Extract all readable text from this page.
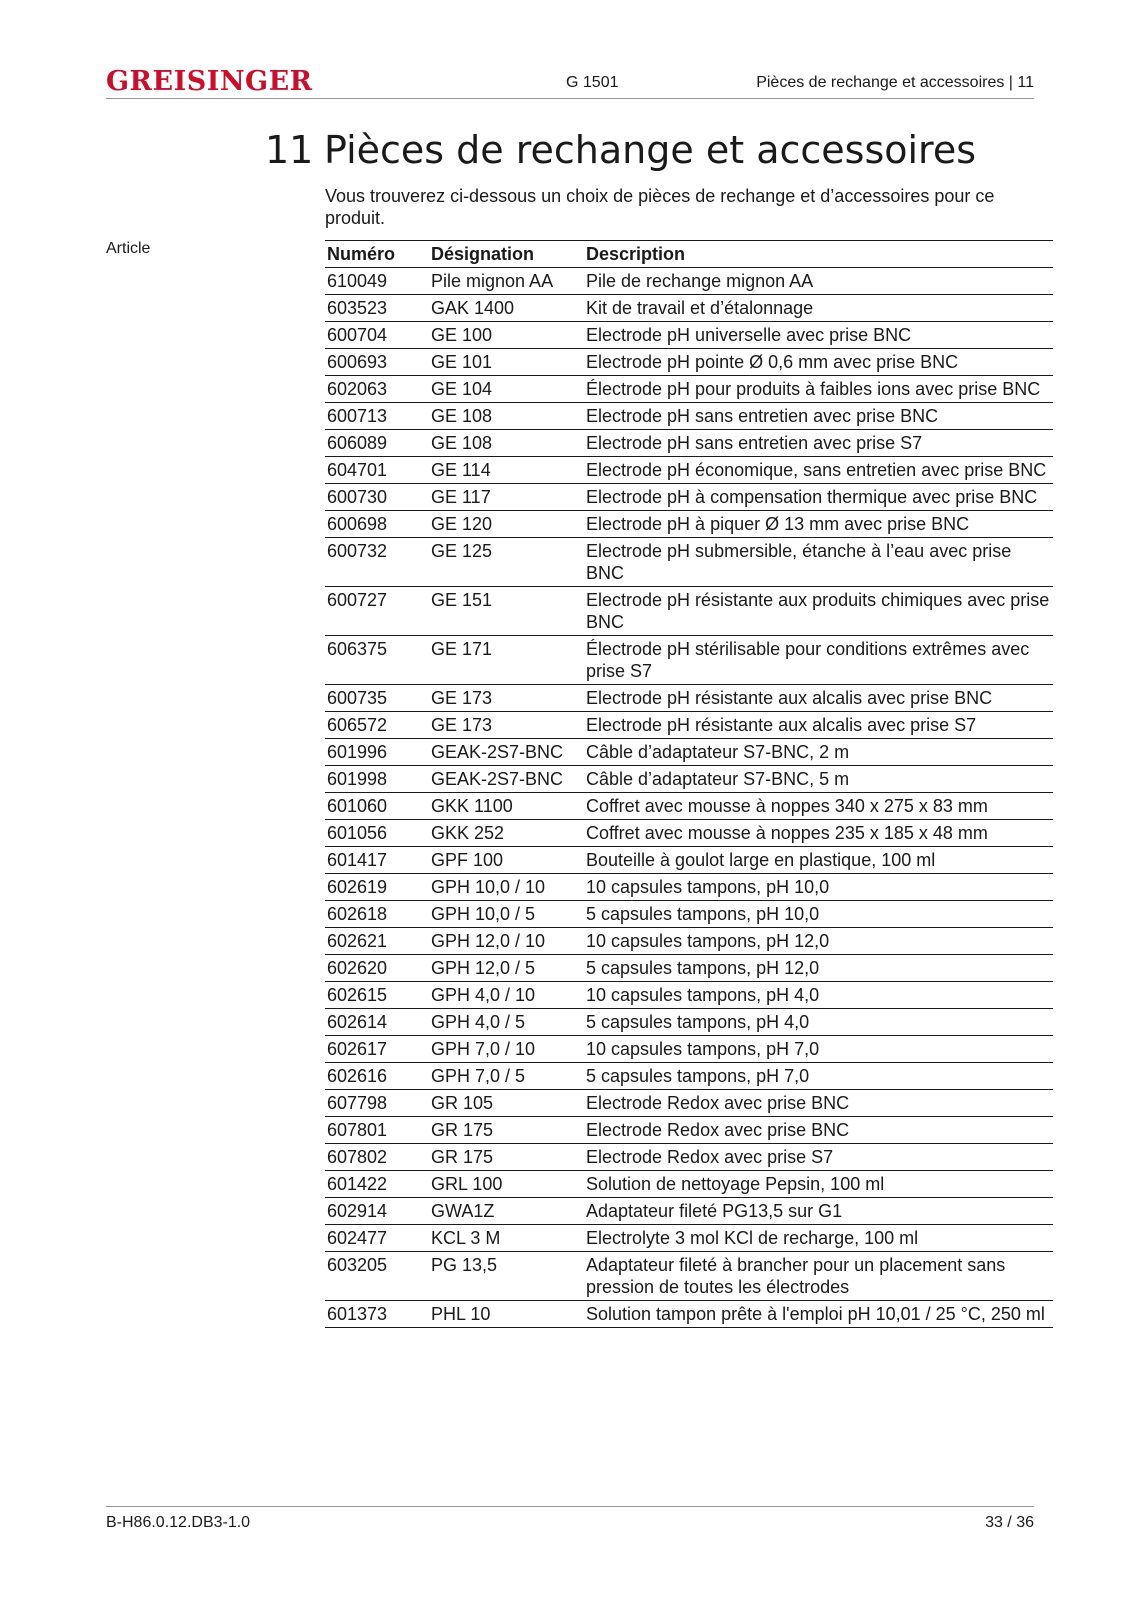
GREISINGER	G 1501	Pièces de rechange et accessoires | 11
11 Pièces de rechange et accessoires
Vous trouverez ci-dessous un choix de pièces de rechange et d’accessoires pour ce produit.
Article	Numéro	Désignation	Description
610049	Pile mignon AA	Pile de rechange mignon AA
603523	GAK 1400	Kit de travail et d’étalonnage
600704	GE 100	Electrode pH universelle avec prise BNC
600693	GE 101	Electrode pH pointe Ø 0,6 mm avec prise BNC
602063	GE 104	Électrode pH pour produits à faibles ions avec prise BNC
600713	GE 108	Electrode pH sans entretien avec prise BNC
606089	GE 108	Electrode pH sans entretien avec prise S7
604701	GE 114	Electrode pH économique, sans entretien avec prise BNC
600730	GE 117	Electrode pH à compensation thermique avec prise BNC
600698	GE 120	Electrode pH à piquer Ø 13 mm avec prise BNC
600732	GE 125	Electrode pH submersible, étanche à l’eau avec prise BNC
600727	GE 151	Electrode pH résistante aux produits chimiques avec prise BNC
606375	GE 171	Électrode pH stérilisable pour conditions extrêmes avec prise S7
600735	GE 173	Electrode pH résistante aux alcalis avec prise BNC
606572	GE 173	Electrode pH résistante aux alcalis avec prise S7
601996	GEAK-2S7-BNC	Câble d’adaptateur S7-BNC, 2 m
601998	GEAK-2S7-BNC	Câble d’adaptateur S7-BNC, 5 m
601060	GKK 1100	Coffret avec mousse à noppes 340 x 275 x 83 mm
601056	GKK 252	Coffret avec mousse à noppes 235 x 185 x 48 mm
601417	GPF 100	Bouteille à goulot large en plastique, 100 ml
602619	GPH 10,0 / 10	10 capsules tampons, pH 10,0
602618	GPH 10,0 / 5	5 capsules tampons, pH 10,0
602621	GPH 12,0 / 10	10 capsules tampons, pH 12,0
602620	GPH 12,0 / 5	5 capsules tampons, pH 12,0
602615	GPH 4,0 / 10	10 capsules tampons, pH 4,0
602614	GPH 4,0 / 5	5 capsules tampons, pH 4,0
602617	GPH 7,0 / 10	10 capsules tampons, pH 7,0
602616	GPH 7,0 / 5	5 capsules tampons, pH 7,0
607798	GR 105	Electrode Redox avec prise BNC
607801	GR 175	Electrode Redox avec prise BNC
607802	GR 175	Electrode Redox avec prise S7
601422	GRL 100	Solution de nettoyage Pepsin, 100 ml
602914	GWA1Z	Adaptateur fileté PG13,5 sur G1
602477	KCL 3 M	Electrolyte 3 mol KCl de recharge, 100 ml
603205	PG 13,5	Adaptateur fileté à brancher pour un placement sans pression de toutes les électrodes
601373	PHL 10	Solution tampon prête à l'emploi pH 10,01 / 25 °C, 250 ml
B-H86.0.12.DB3-1.0	33 / 36
